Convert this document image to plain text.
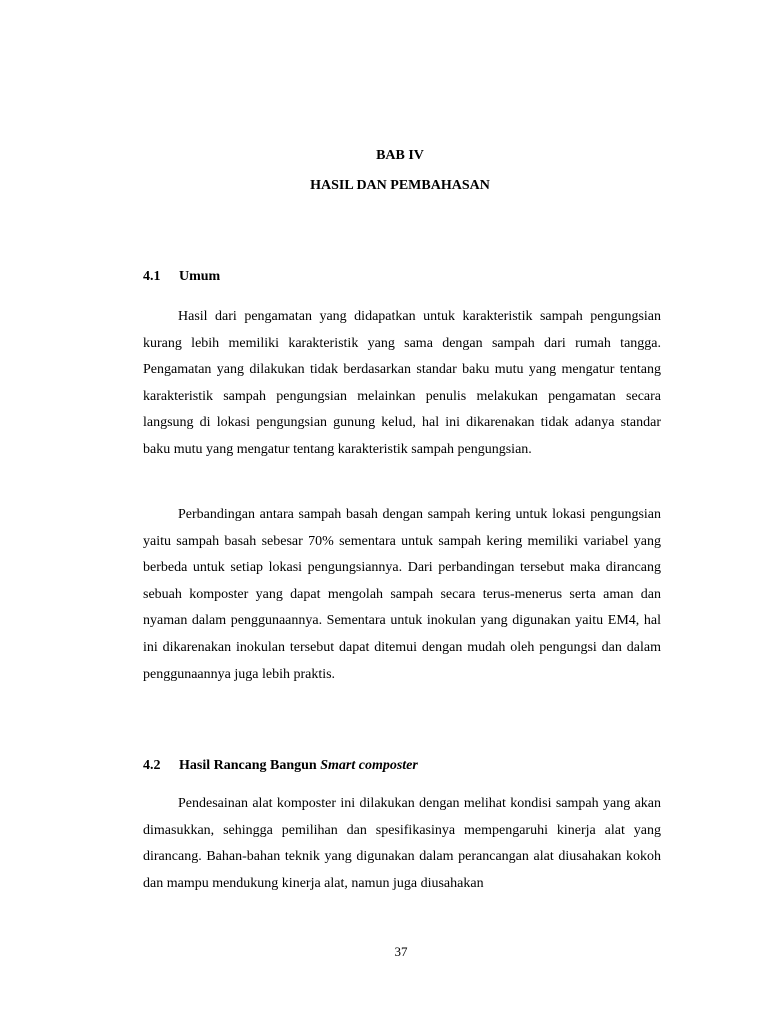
BAB IV
HASIL DAN PEMBAHASAN
4.1 Umum

Hasil dari pengamatan yang didapatkan untuk karakteristik sampah pengungsian kurang lebih memiliki karakteristik yang sama dengan sampah dari rumah tangga. Pengamatan yang dilakukan tidak berdasarkan standar baku mutu yang mengatur tentang karakteristik sampah pengungsian melainkan penulis melakukan pengamatan secara langsung di lokasi pengungsian gunung kelud, hal ini dikarenakan tidak adanya standar baku mutu yang mengatur tentang karakteristik sampah pengungsian.

Perbandingan antara sampah basah dengan sampah kering untuk lokasi pengungsian yaitu sampah basah sebesar 70% sementara untuk sampah kering memiliki variabel yang berbeda untuk setiap lokasi pengungsiannya. Dari perbandingan tersebut maka dirancang sebuah komposter yang dapat mengolah sampah secara terus-menerus serta aman dan nyaman dalam penggunaannya. Sementara untuk inokulan yang digunakan yaitu EM4, hal ini dikarenakan inokulan tersebut dapat ditemui dengan mudah oleh pengungsi dan dalam penggunaannya juga lebih praktis.

4.2 Hasil Rancang Bangun Smart composter

Pendesainan alat komposter ini dilakukan dengan melihat kondisi sampah yang akan dimasukkan, sehingga pemilihan dan spesifikasinya mempengaruhi kinerja alat yang dirancang. Bahan-bahan teknik yang digunakan dalam perancangan alat diusahakan kokoh dan mampu mendukung kinerja alat, namun juga diusahakan

37
